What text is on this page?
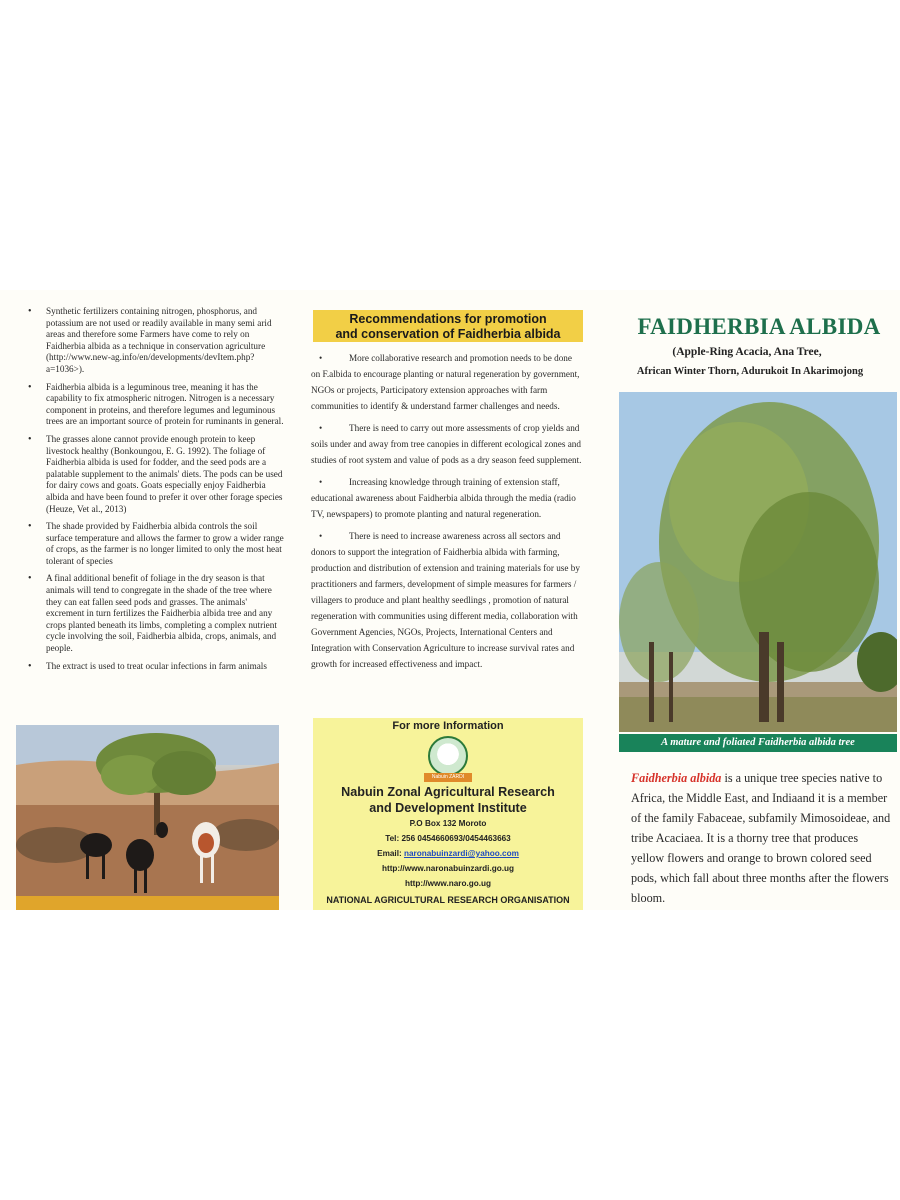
• Synthetic fertilizers containing nitrogen, phosphorus, and potassium are not used or readily available in many semi arid areas and therefore some Farmers have come to rely on Faidherbia albida as a technique in conservation agriculture (http://www.new-ag.info/en/developments/devItem.php?a=1036>).
• Faidherbia albida is a leguminous tree, meaning it has the capability to fix atmospheric nitrogen. Nitrogen is a necessary component in proteins, and therefore legumes and leguminous trees are an important source of protein for ruminants in general.
• The grasses alone cannot provide enough protein to keep livestock healthy (Bonkoungou, E. G. 1992). The foliage of Faidherbia albida is used for fodder, and the seed pods are a palatable supplement to the animals' diets. The pods can be used for dairy cows and goats. Goats especially enjoy Faidherbia albida and have been found to prefer it over other forage species (Heuze, Vet al., 2013)
• The shade provided by Faidherbia albida controls the soil surface temperature and allows the farmer to grow a wider range of crops, as the farmer is no longer limited to only the most heat tolerant of species
• A final additional benefit of foliage in the dry season is that animals will tend to congregate in the shade of the tree where they can eat fallen seed pods and grasses. The animals' excrement in turn fertilizes the Faidherbia albida tree and any crops planted beneath its limbs, completing a complex nutrient cycle involving the soil, Faidherbia albida, crops, animals, and people.
• The extract is used to treat ocular infections in farm animals
Recommendations for promotion
and conservation of Faidherbia albida
•	More collaborative research and promotion needs to be done on F.albida to encourage planting or natural regeneration by government, NGOs or projects, Participatory extension approaches with farm communities to identify & understand farmer challenges and needs.
•	There is need to carry out more assessments of crop yields and soils under and away from tree canopies in different ecological zones and studies of root system and value of pods as a dry season feed supplement.
•	Increasing knowledge through training of extension staff, educational awareness about Faidherbia albida through the media (radio TV, newspapers) to promote planting and natural regeneration.
•	There is need to increase awareness across all sectors and donors to support the integration of Faidherbia albida with farming, production and distribution of extension and training materials for use by practitioners and farmers, development of simple measures for farmers / villagers to produce and plant healthy seedlings , promotion of natural regeneration with communities using different media, collaboration with Government Agencies, NGOs, Projects, International Centers and Integration with Conservation Agriculture to increase survival rates and growth for increased effectiveness and impact.
For more Information
Nabuin ZARDI
Nabuin Zonal Agricultural Research
and Development Institute
P.O Box 132 Moroto
Tel: 256 0454660693/0454463663
Email: naronabuinzardi@yahoo.com
http://www.naronabuinzardi.go.ug
http://www.naro.go.ug
NATIONAL AGRICULTURAL RESEARCH ORGANISATION
FAIDHERBIA ALBIDA
(Apple-Ring Acacia, Ana Tree,
African Winter Thorn, Adurukoit In Akarimojong
A mature and foliated Faidherbia albida tree
Faidherbia albida is a unique tree species native to Africa, the Middle East, and Indiaand it is a member of the family Fabaceae, subfamily Mimosoideae, and tribe Acaciaea. It is a thorny tree that produces yellow flowers and orange to brown colored seed pods, which fall about three months after the flowers bloom.
